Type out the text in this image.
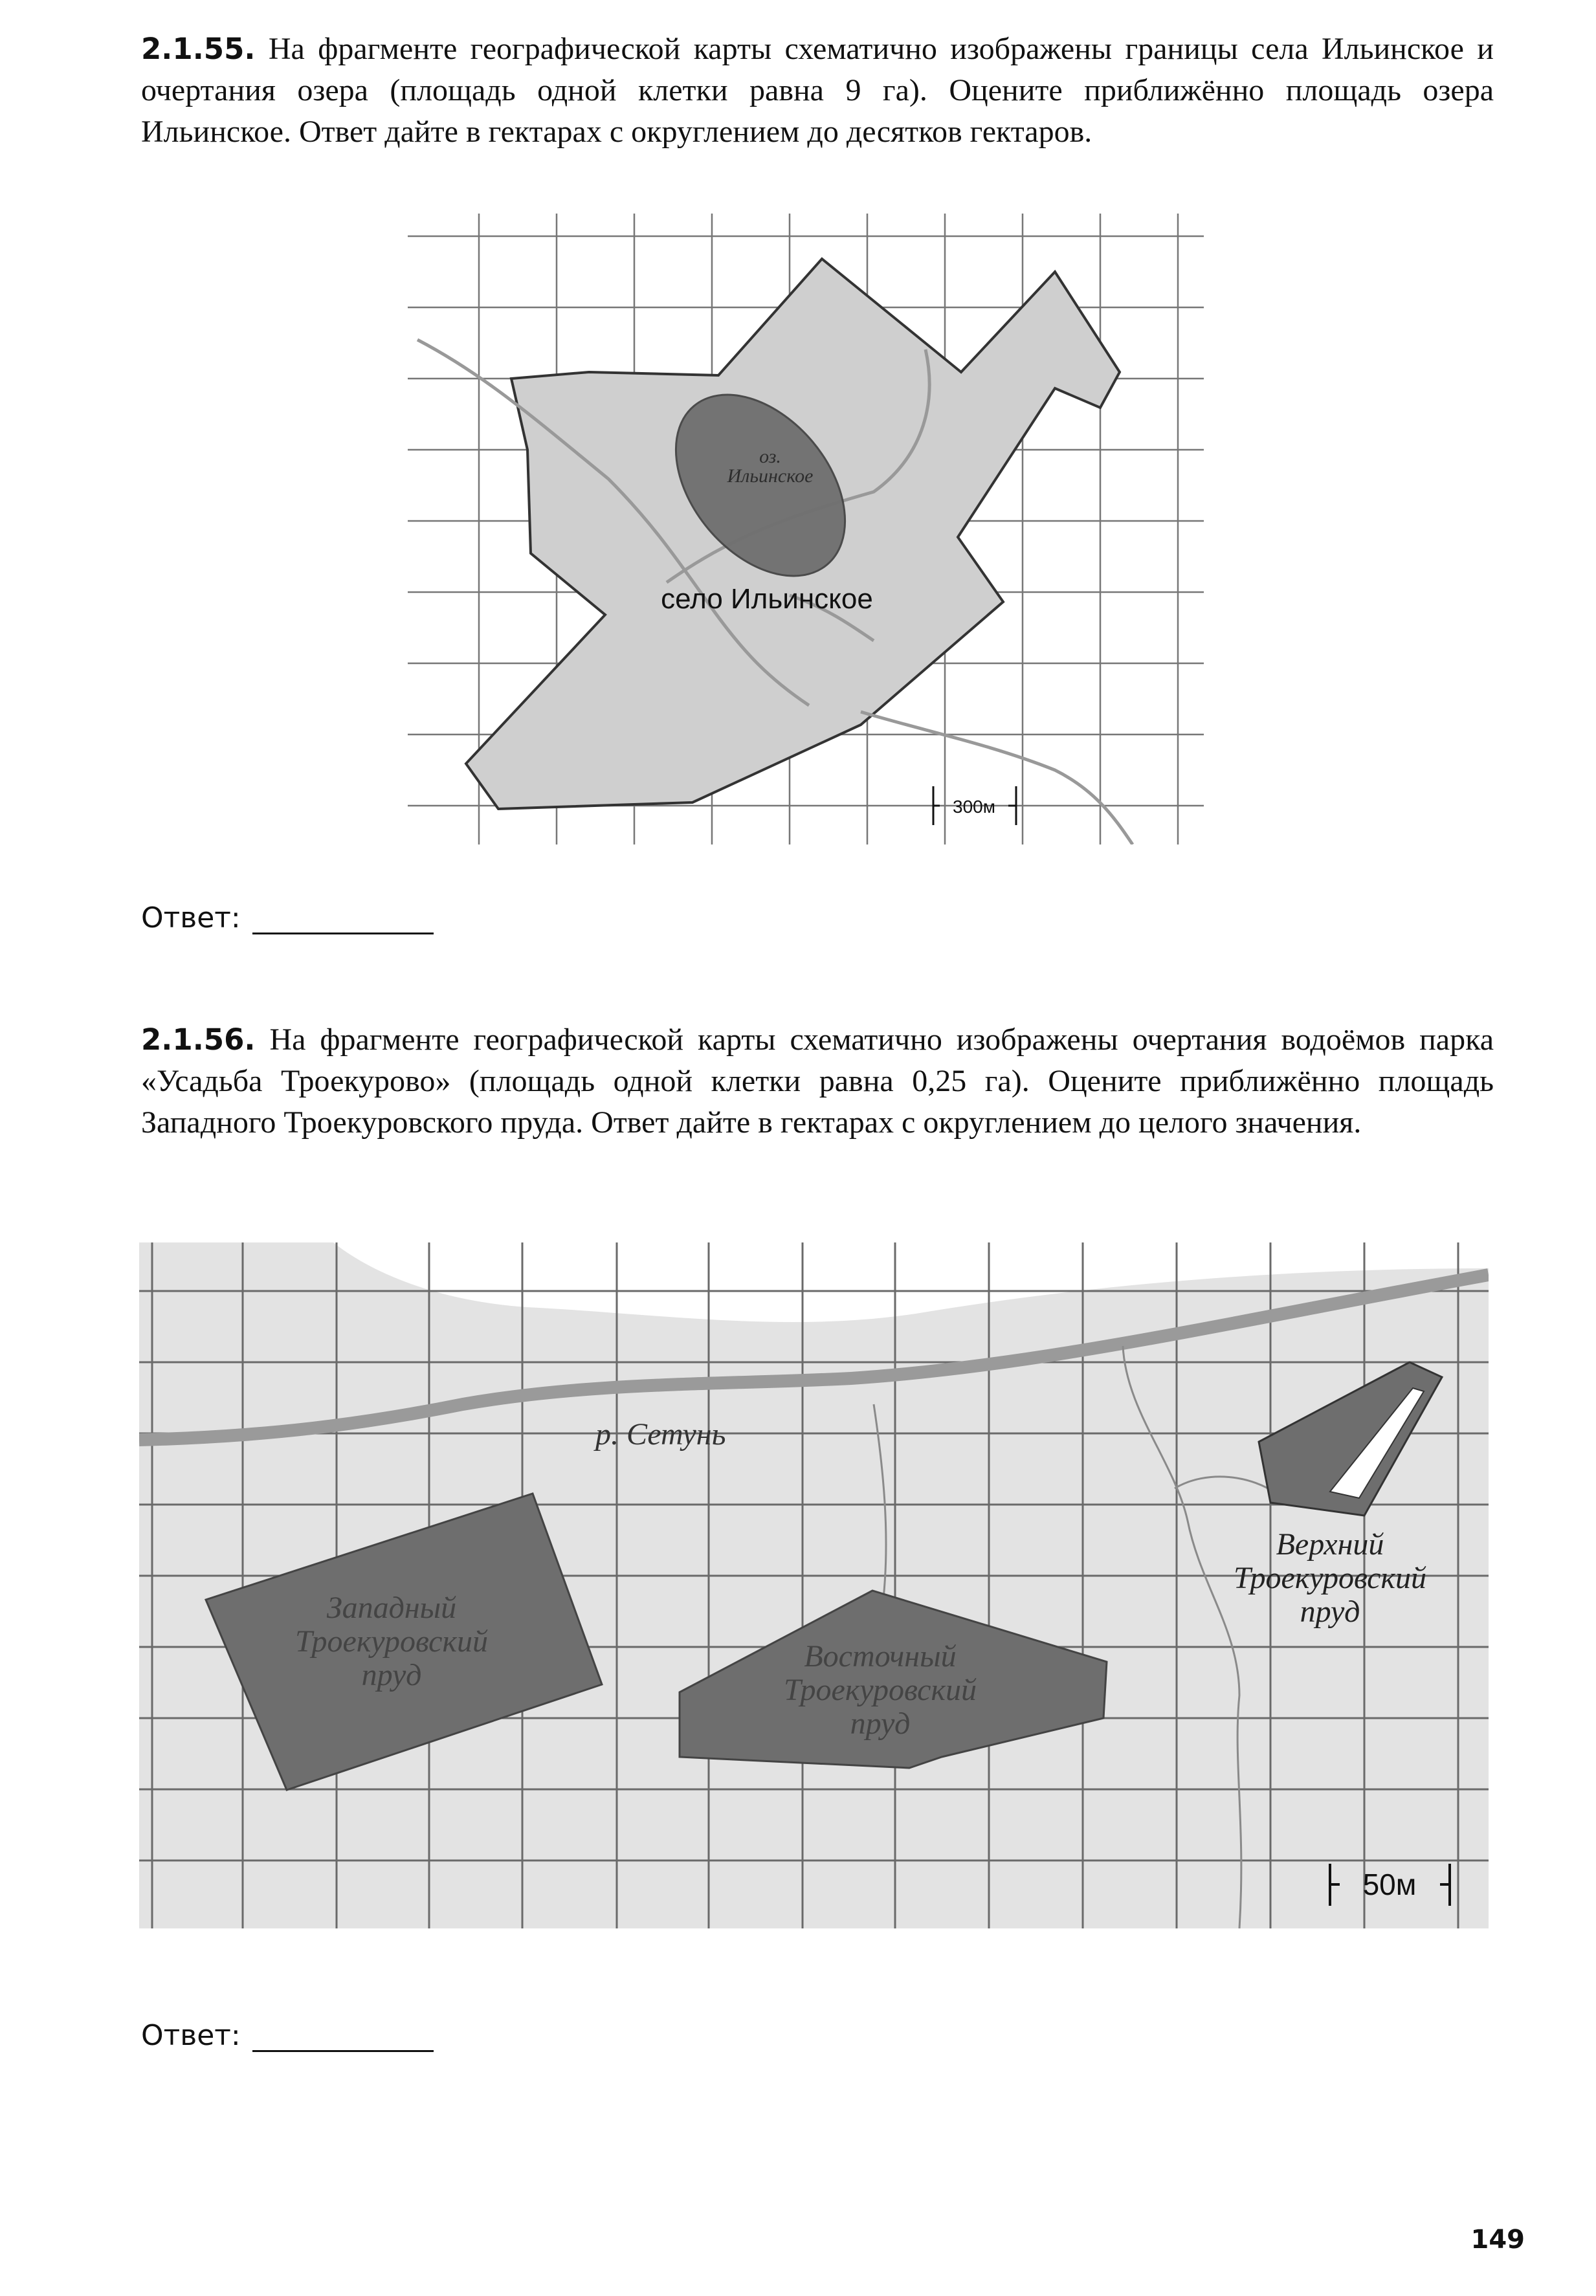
2.1.55. На фрагменте географической карты схематично изображены границы села Ильинское и очертания озера (площадь одной клетки равна 9 га). Оцените приближённо площадь озера Ильинское. Ответ дайте в гектарах с округлением до десятков гектаров.

оз.
Ильинское
село Ильинское
300м
Ответ:

2.1.56. На фрагменте географической карты схематично изображены очертания водоёмов парка «Усадьба Троекурово» (площадь одной клетки равна 0,25 га). Оцените приближённо площадь Западного Троекуровского пруда. Ответ дайте в гектарах с округлением до целого значения.

р. Сетунь
Западный
Троекуровский
пруд
Восточный
Троекуровский
пруд
Верхний
Троекуровский
пруд
50м
Ответ:
149
